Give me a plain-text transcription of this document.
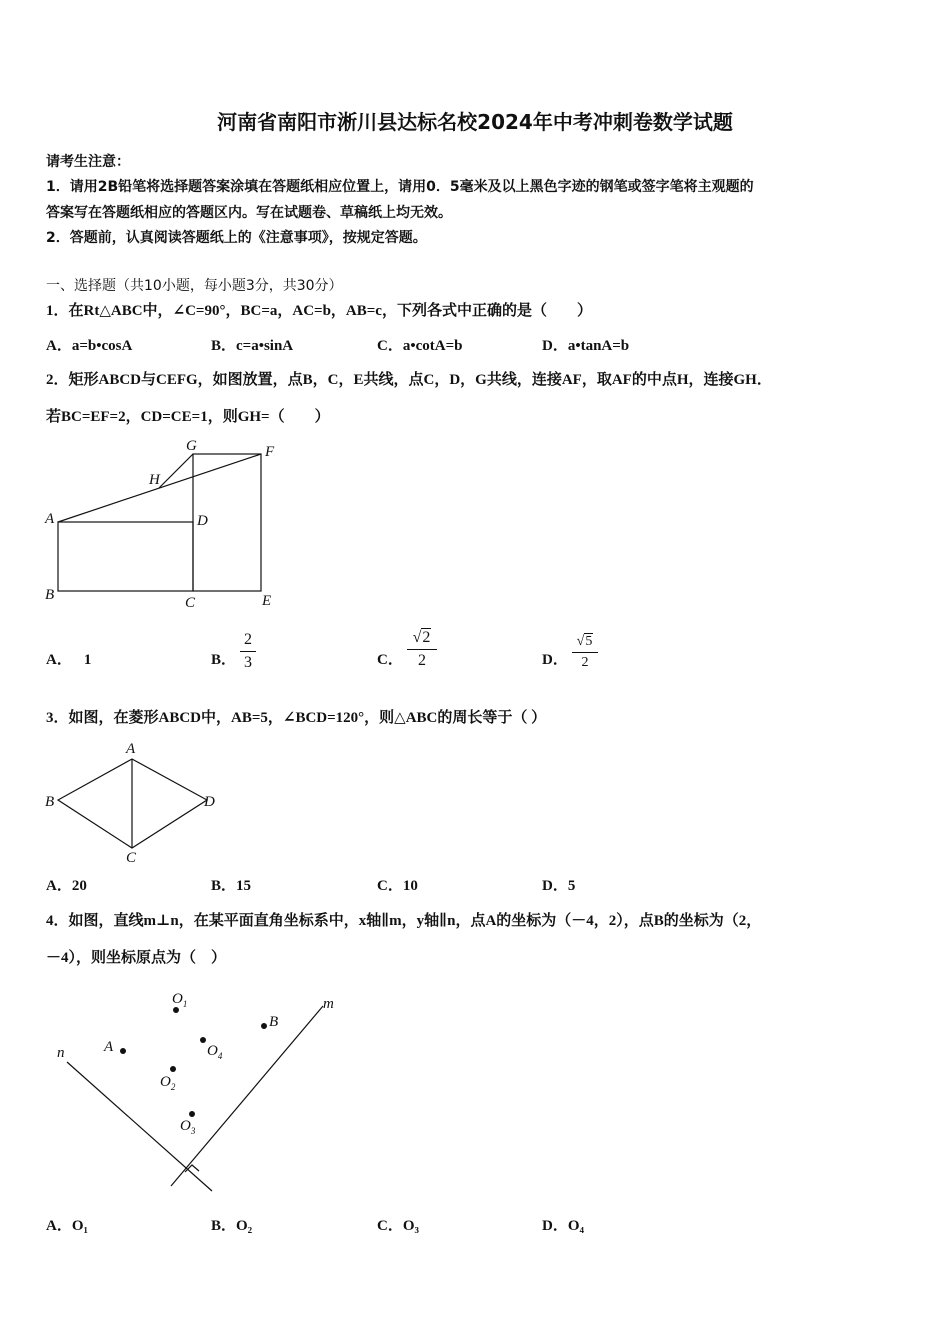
河南省南阳市淅川县达标名校2024年中考冲刺卷数学试题
请考生注意：
1．请用2B铅笔将选择题答案涂填在答题纸相应位置上，请用0．5毫米及以上黑色字迹的钢笔或签字笔将主观题的
答案写在答题纸相应的答题区内。写在试题卷、草稿纸上均无效。
2．答题前，认真阅读答题纸上的《注意事项》，按规定答题。
一、选择题（共10小题，每小题3分，共30分）
1．在Rt△ABC中，∠C=90°，BC=a，AC=b，AB=c，下列各式中正确的是（　　）
A．a=b•cosA	B．c=a•sinA	C．a•cotA=b	D．a•tanA=b
2．矩形ABCD与CEFG，如图放置，点B，C，E共线，点C，D，G共线，连接AF，取AF的中点H，连接GH．
若BC=EF=2，CD=CE=1，则GH=（　　）
G	F
H
A	D
B	C	E
A． 1	B．
2
3	C．
√2
2	D．
√5
2
3．如图，在菱形ABCD中，AB=5，∠BCD=120°，则△ABC的周长等于（ ）
A
B
C
D
A．20	B．15	C．10	D．5
4．如图，直线m⊥n，在某平面直角坐标系中，x轴∥m，y轴∥n，点A的坐标为（－4，2），点B的坐标为（2，
－4），则坐标原点为（　）
m
n	A
B
$O_1$
$O_2$
$O_3$
$O_4$
A．O₁	B．O₂	C．O₃	D．O₄
